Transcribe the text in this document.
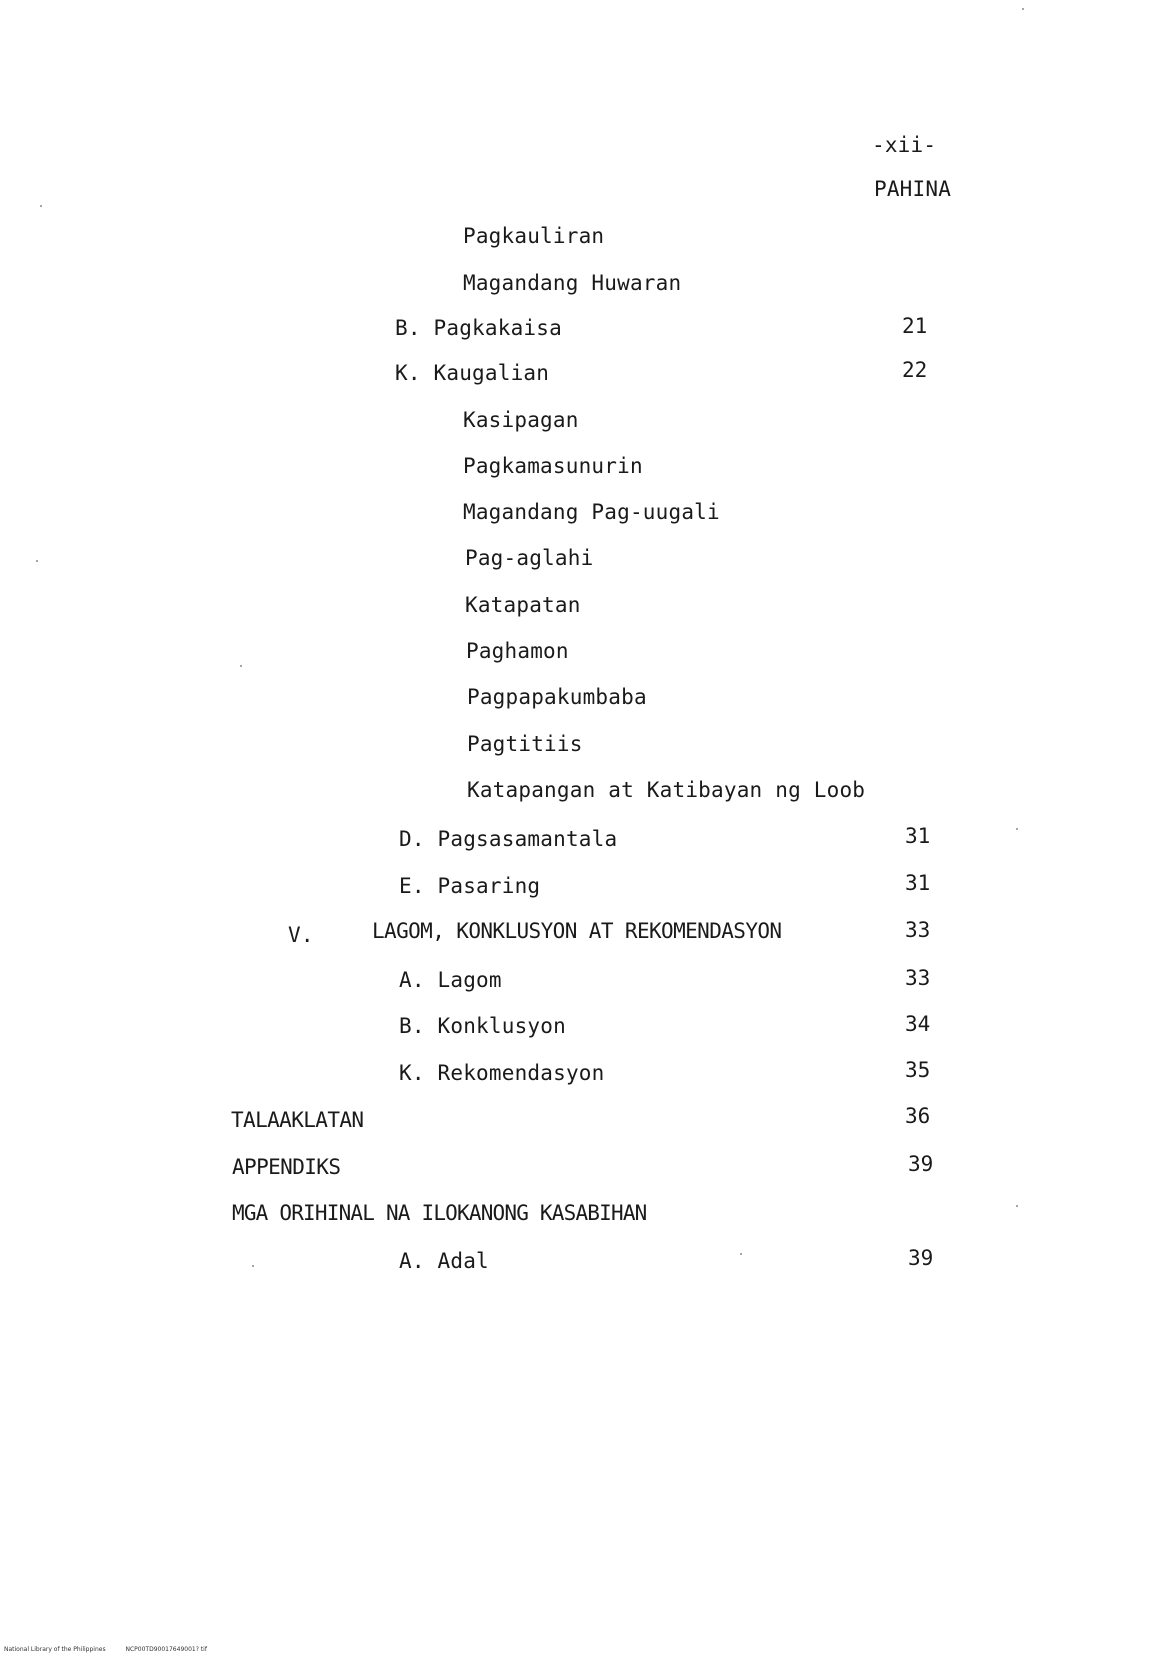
-xii-
PAHINA
Pagkauliran
Magandang Huwaran
B. Pagkakaisa	21
K. Kaugalian	22
Kasipagan
Pagkamasunurin
Magandang Pag-uugali
Pag-aglahi
Katapatan
Paghamon
Pagpapakumbaba
Pagtitiis
Katapangan at Katibayan ng Loob
D. Pagsasamantala	31
E. Pasaring	31
V.	LAGOM, KONKLUSYON AT REKOMENDASYON	33
A. Lagom	33
B. Konklusyon	34
K. Rekomendasyon	35
TALAAKLATAN	36
APPENDIKS	39
MGA ORIHINAL NA ILOKANONG KASABIHAN
A. Adal	39
National Library of the Philippines	NCP00TD90017649001? tif
